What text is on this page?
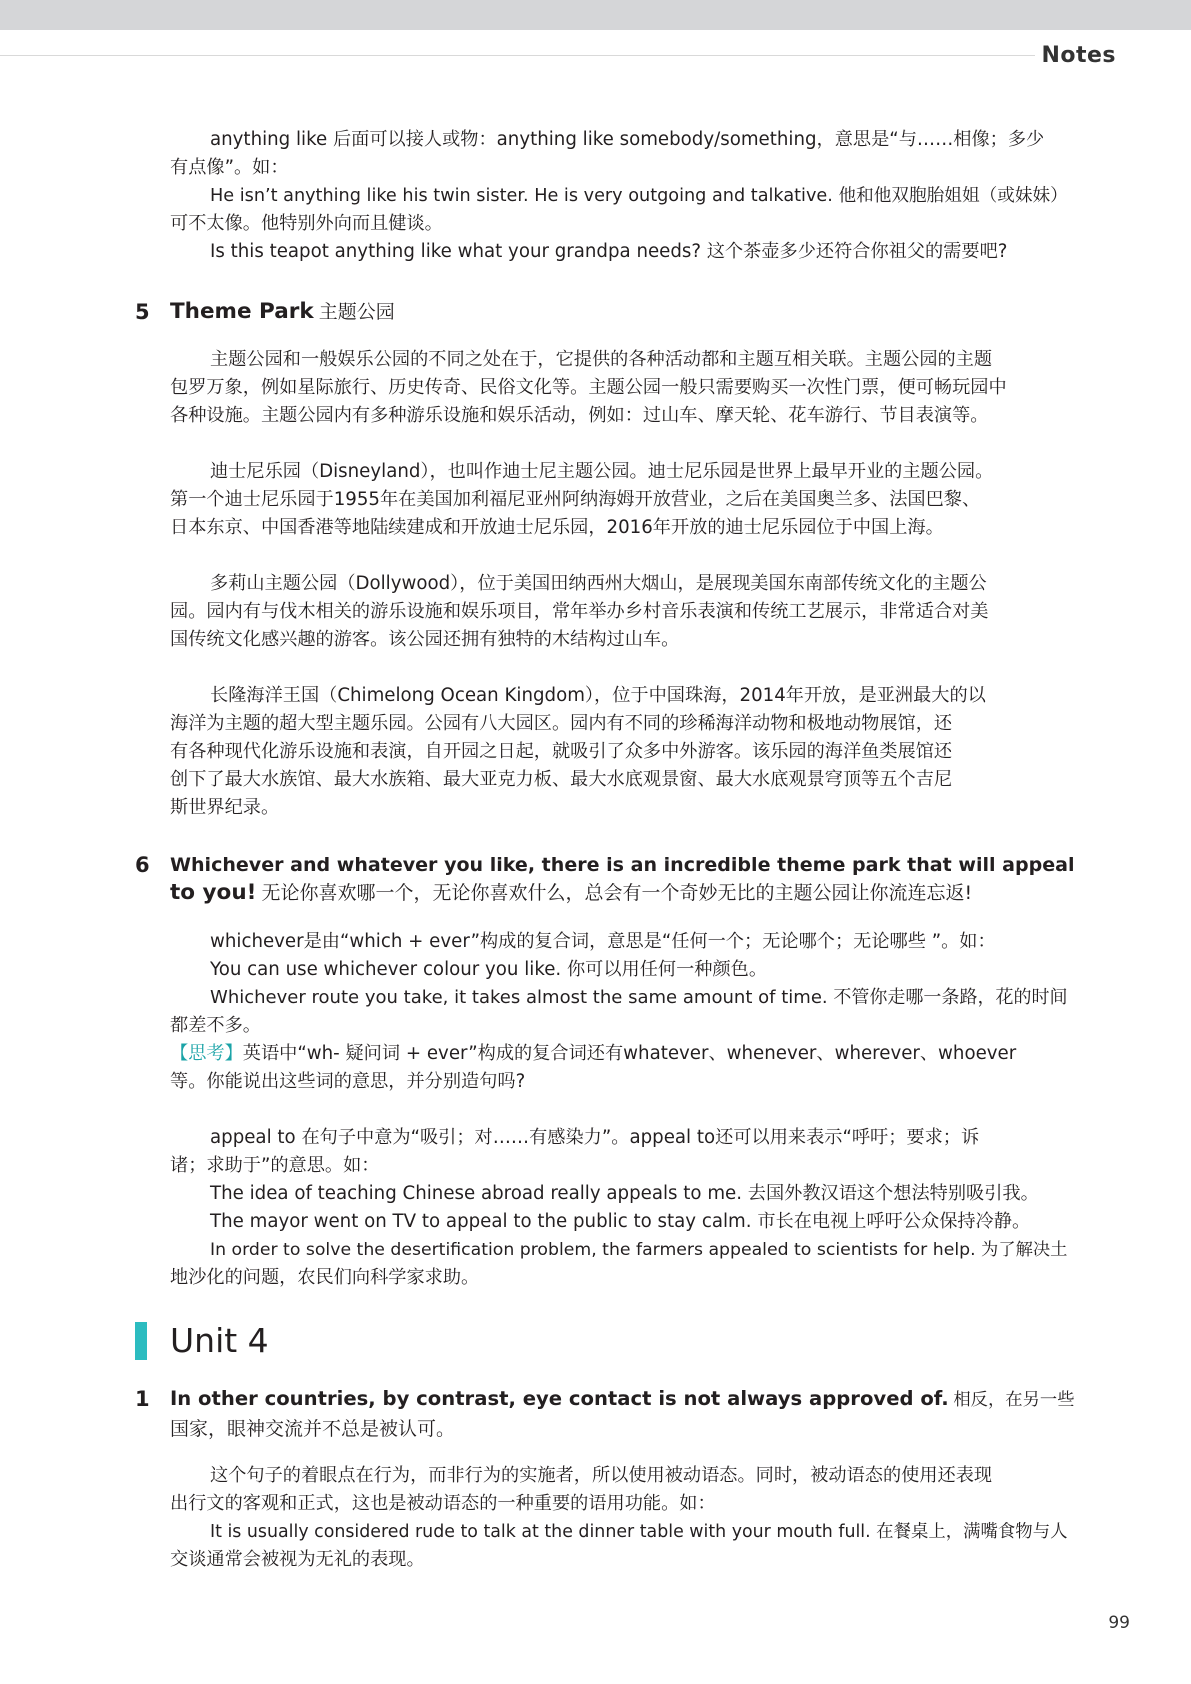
Notes
anything like 后面可以接人或物：anything like somebody/something，意思是“与……相像；多少
有点像”。如：
He isn’t anything like his twin sister. He is very outgoing and talkative. 他和他双胞胎姐姐（或妹妹）
可不太像。他特别外向而且健谈。
Is this teapot anything like what your grandpa needs? 这个茶壶多少还符合你祖父的需要吧?
5 Theme Park 主题公园
主题公园和一般娱乐公园的不同之处在于，它提供的各种活动都和主题互相关联。主题公园的主题
包罗万象，例如星际旅行、历史传奇、民俗文化等。主题公园一般只需要购买一次性门票，便可畅玩园中
各种设施。主题公园内有多种游乐设施和娱乐活动，例如：过山车、摩天轮、花车游行、节目表演等。
迪士尼乐园（Disneyland），也叫作迪士尼主题公园。迪士尼乐园是世界上最早开业的主题公园。
第一个迪士尼乐园于1955年在美国加利福尼亚州阿纳海姆开放营业，之后在美国奥兰多、法国巴黎、
日本东京、中国香港等地陆续建成和开放迪士尼乐园，2016年开放的迪士尼乐园位于中国上海。
多莉山主题公园（Dollywood），位于美国田纳西州大烟山，是展现美国东南部传统文化的主题公
园。园内有与伐木相关的游乐设施和娱乐项目，常年举办乡村音乐表演和传统工艺展示，非常适合对美
国传统文化感兴趣的游客。该公园还拥有独特的木结构过山车。
长隆海洋王国（Chimelong Ocean Kingdom），位于中国珠海，2014年开放，是亚洲最大的以
海洋为主题的超大型主题乐园。公园有八大园区。园内有不同的珍稀海洋动物和极地动物展馆，还
有各种现代化游乐设施和表演，自开园之日起，就吸引了众多中外游客。该乐园的海洋鱼类展馆还
创下了最大水族馆、最大水族箱、最大亚克力板、最大水底观景窗、最大水底观景穹顶等五个吉尼
斯世界纪录。
6 Whichever and whatever you like, there is an incredible theme park that will appeal
to you! 无论你喜欢哪一个，无论你喜欢什么，总会有一个奇妙无比的主题公园让你流连忘返!
whichever是由“which + ever”构成的复合词，意思是“任何一个；无论哪个；无论哪些 ”。如：
You can use whichever colour you like. 你可以用任何一种颜色。
Whichever route you take, it takes almost the same amount of time. 不管你走哪一条路，花的时间
都差不多。
【思考】英语中“wh- 疑问词 + ever”构成的复合词还有whatever、whenever、wherever、whoever
等。你能说出这些词的意思，并分别造句吗?
appeal to 在句子中意为“吸引；对……有感染力”。appeal to还可以用来表示“呼吁；要求；诉
诸；求助于”的意思。如：
The idea of teaching Chinese abroad really appeals to me. 去国外教汉语这个想法特别吸引我。
The mayor went on TV to appeal to the public to stay calm. 市长在电视上呼吁公众保持冷静。
In order to solve the desertification problem, the farmers appealed to scientists for help. 为了解决土
地沙化的问题，农民们向科学家求助。
Unit 4
1 In other countries, by contrast, eye contact is not always approved of. 相反，在另一些
国家，眼神交流并不总是被认可。
这个句子的着眼点在行为，而非行为的实施者，所以使用被动语态。同时，被动语态的使用还表现
出行文的客观和正式，这也是被动语态的一种重要的语用功能。如：
It is usually considered rude to talk at the dinner table with your mouth full. 在餐桌上，满嘴食物与人
交谈通常会被视为无礼的表现。
99
